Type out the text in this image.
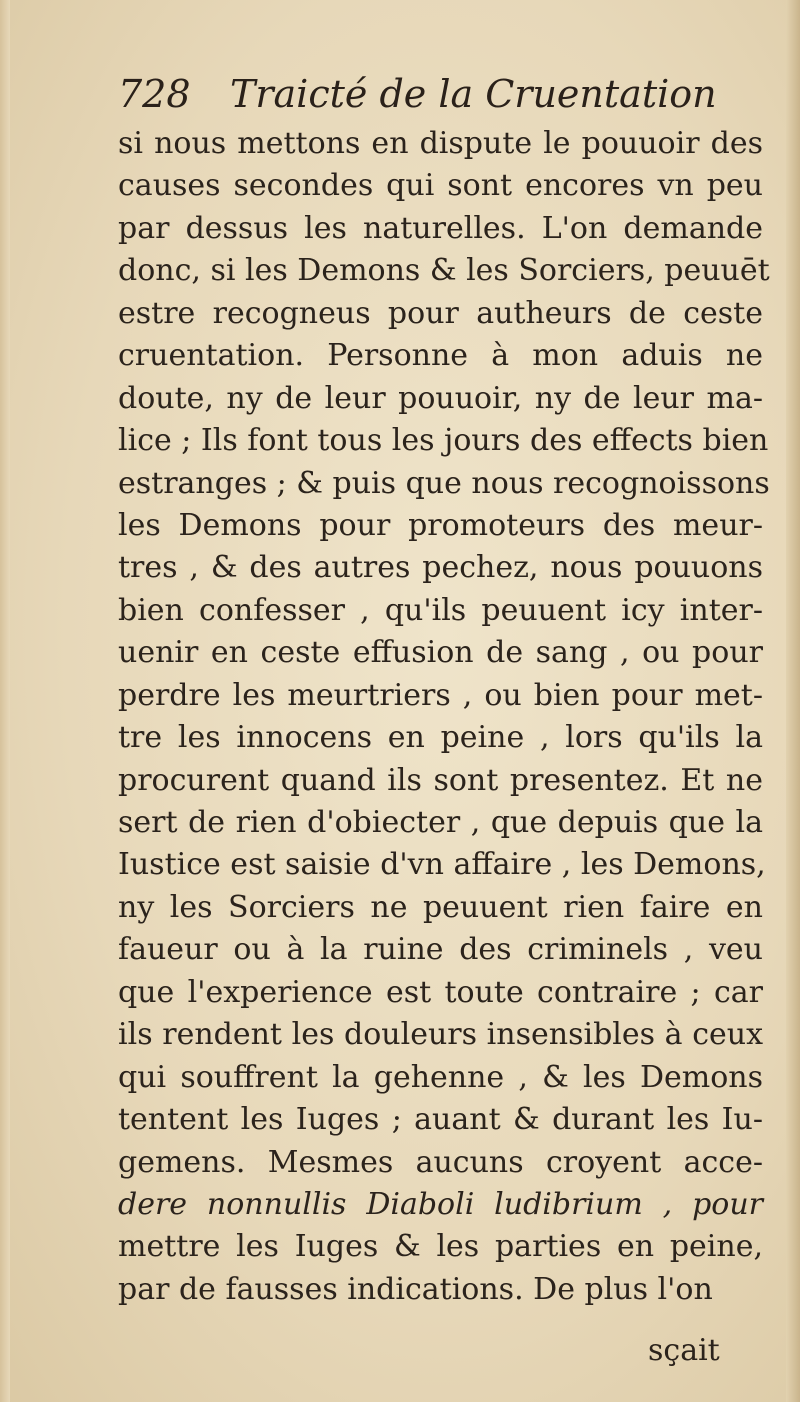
728 Traicté de la Cruentation
si nous mettons en dispute le pouuoir des
causes secondes qui sont encores vn peu
par dessus les naturelles. L'on demande
donc, si les Demons & les Sorciers, peuuēt
estre recogneus pour autheurs de ceste
cruentation. Personne à mon aduis ne
doute, ny de leur pouuoir, ny de leur ma-
lice ; Ils font tous les jours des effects bien
estranges ; & puis que nous recognoissons
les Demons pour promoteurs des meur-
tres , & des autres pechez, nous pouuons
bien confesser , qu'ils peuuent icy inter-
uenir en ceste effusion de sang , ou pour
perdre les meurtriers , ou bien pour met-
tre les innocens en peine , lors qu'ils la
procurent quand ils sont presentez. Et ne
sert de rien d'obiecter , que depuis que la
Iustice est saisie d'vn affaire , les Demons,
ny les Sorciers ne peuuent rien faire en
faueur ou à la ruine des criminels , veu
que l'experience est toute contraire ; car
ils rendent les douleurs insensibles à ceux
qui souffrent la gehenne , & les Demons
tentent les Iuges ; auant & durant les Iu-
gemens. Mesmes aucuns croyent acce-
dere nonnullis Diaboli ludibrium , pour
mettre les Iuges & les parties en peine,
par de fausses indications. De plus l'on
sçait
